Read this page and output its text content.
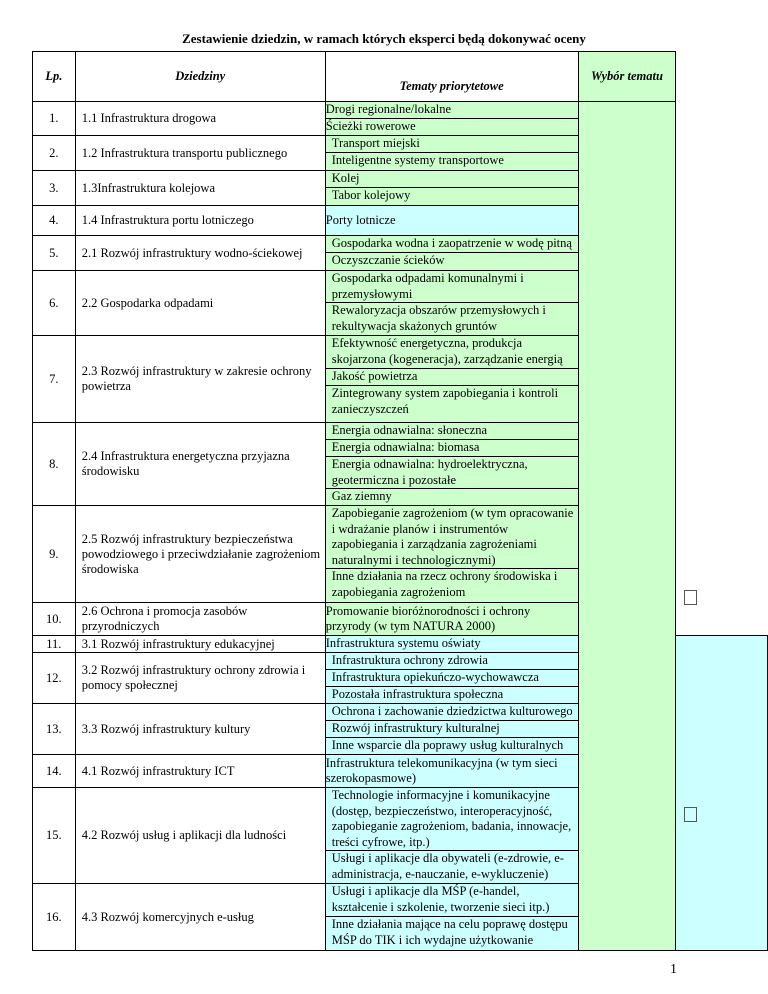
Zestawienie dziedzin, w ramach których eksperci będą dokonywać oceny
Lp.	Dziedziny		Wybór tematu	
		Tematy priorytetowe		
1.	1.1 Infrastruktura drogowa	Drogi regionalne/lokalne		
		Ścieżki rowerowe		
2.	1.2 Infrastruktura transportu publicznego	Transport miejski
Inteligentne systemy transportowe		

3.	1.3Infrastruktura kolejowa	Kolej
Tabor kolejowy		

4.	1.4 Infrastruktura portu lotniczego	Porty lotnicze		
5.	2.1 Rozwój infrastruktury wodno-ściekowej	Gospodarka wodna i zaopatrzenie w wodę pitną
Oczyszczanie ścieków		

6.	2.2 Gospodarka odpadami	Gospodarka odpadami komunalnymi i przemysłowymi
Rewaloryzacja obszarów przemysłowych i rekultywacja skażonych gruntów		

7.	2.3 Rozwój infrastruktury w zakresie ochrony powietrza	Efektywność energetyczna, produkcja skojarzona (kogeneracja), zarządzanie energią
Jakość powietrza
Zintegrowany system zapobiegania i kontroli zanieczyszczeń		

8.	2.4 Infrastruktura energetyczna przyjazna środowisku	Energia odnawialna: słoneczna
Energia odnawialna: biomasa
Energia odnawialna: hydroelektryczna, geotermiczna i pozostałe
Gaz ziemny		

9.	2.5 Rozwój infrastruktury bezpieczeństwa powodziowego i przeciwdziałanie zagrożeniom środowiska	Zapobieganie zagrożeniom (w tym opracowanie i wdrażanie planów i instrumentów zapobiegania i zarządzania zagrożeniami naturalnymi i technologicznymi)
Inne działania na rzecz ochrony środowiska i zapobiegania zagrożeniom		

10.	2.6 Ochrona i promocja zasobów przyrodniczych	Promowanie bioróżnorodności i ochrony przyrody (w tym NATURA 2000)		
11.	3.1 Rozwój infrastruktury edukacyjnej	Infrastruktura systemu oświaty		
12.	3.2 Rozwój infrastruktury ochrony zdrowia i pomocy społecznej	Infrastruktura ochrony zdrowia
Infrastruktura opiekuńczo-wychowawcza
Pozostała infrastruktura społeczna		

13.	3.3 Rozwój infrastruktury kultury	Ochrona i zachowanie dziedzictwa kulturowego
Rozwój infrastruktury kulturalnej
Inne wsparcie dla poprawy usług kulturalnych		

14.	4.1 Rozwój infrastruktury ICT	Infrastruktura telekomunikacyjna (w tym sieci szerokopasmowe)		
15.	4.2 Rozwój usług i aplikacji dla ludności	Technologie informacyjne i komunikacyjne (dostęp, bezpieczeństwo, interoperacyjność, zapobieganie zagrożeniom, badania, innowacje, treści cyfrowe, itp.)
Usługi i aplikacje dla obywateli (e-zdrowie, e-administracja, e-nauczanie, e-wykluczenie)		

16.	4.3 Rozwój komercyjnych e-usług	Usługi i aplikacje dla MŚP (e-handel, kształcenie i szkolenie, tworzenie sieci itp.)
Inne działania mające na celu poprawę dostępu MŚP do TIK i ich wydajne użytkowanie		
1
